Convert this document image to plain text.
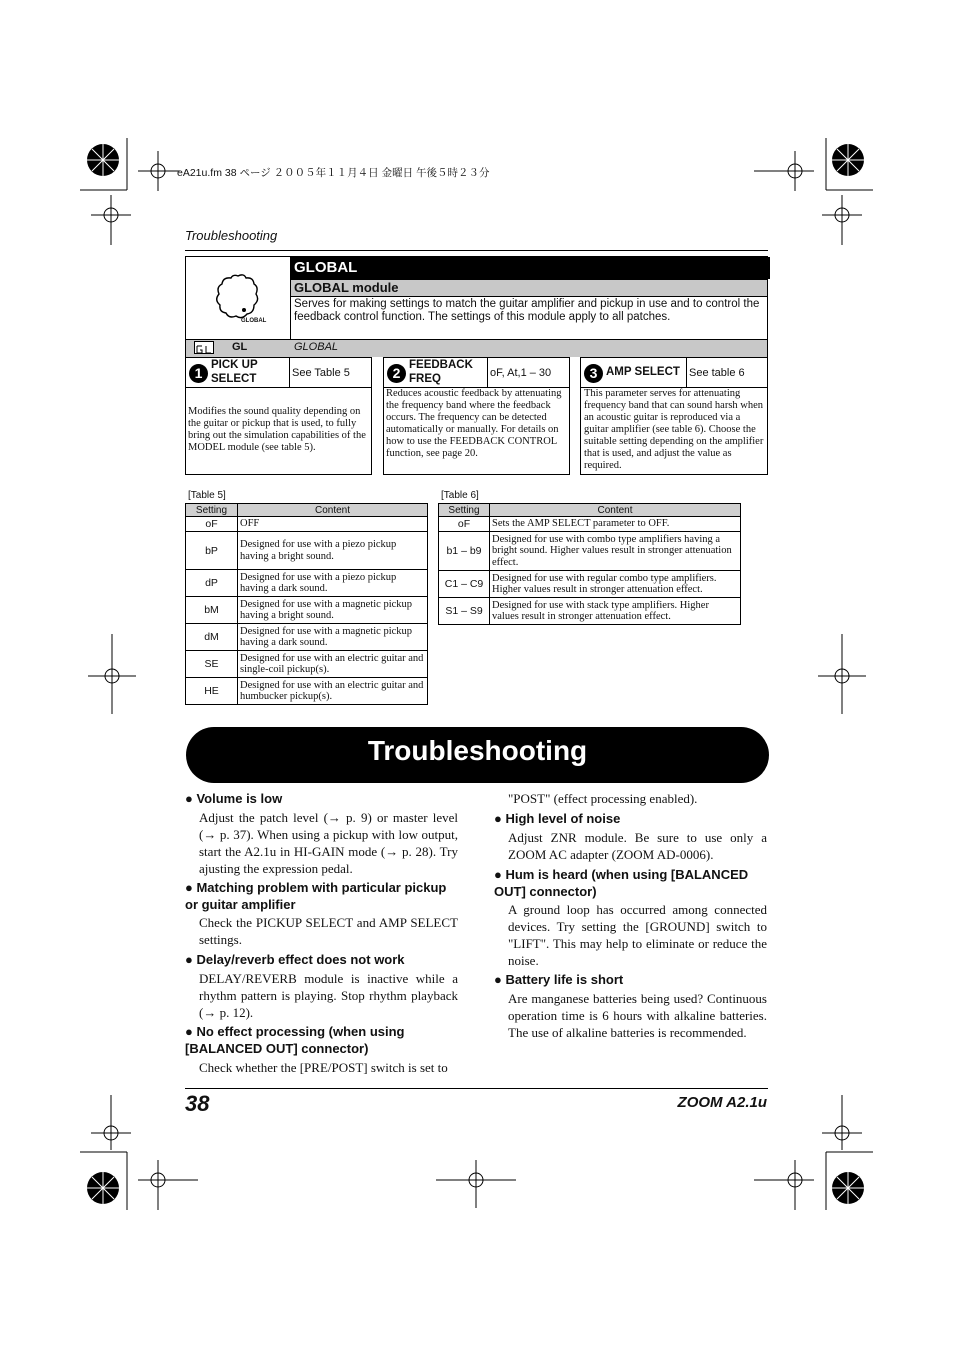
eA21u.fm 38 ページ ２００５年１１月４日 金曜日 午後５時２３分
Troubleshooting
GLOBAL
GLOBAL
GLOBAL module
Serves for making settings to match the guitar amplifier and pickup in use and to control the feedback control function. The settings of this module apply to all patches.
GL	GLOBAL
1 PICK UP SELECT	See Table 5
Modifies the sound quality depending on the guitar or pickup that is used, to fully bring out the simulation capabilities of the MODEL module (see table 5).
2 FEEDBACK FREQ	oF, At,1 – 30
Reduces acoustic feedback by attenuating the frequency band where the feedback occurs. The frequency can be detected automatically or manually. For details on how to use the FEEDBACK CONTROL function, see page 20.
3 AMP SELECT See table 6
This parameter serves for attenuating frequency band that can sound harsh when an acoustic guitar is reproduced via a guitar amplifier (see table 6). Choose the suitable setting depending on the amplifier that is used, and adjust the value as required.
[Table 5]
Setting	Content
oF	OFF
bP	Designed for use with a piezo pickup having a bright sound.
dP	Designed for use with a piezo pickup having a dark sound.
bM	Designed for use with a magnetic pickup having a bright sound.
dM	Designed for use with a magnetic pickup having a dark sound.
SE	Designed for use with an electric guitar and single-coil pickup(s).
HE	Designed for use with an electric guitar and humbucker pickup(s).
[Table 6]
Setting	Content
oF	Sets the AMP SELECT parameter to OFF.
b1 – b9	Designed for use with combo type amplifiers having a bright sound. Higher values result in stronger attenuation effect.
C1 – C9	Designed for use with regular combo type amplifiers. Higher values result in stronger attenuation effect.
S1 – S9	Designed for use with stack type amplifiers. Higher values result in stronger attenuation effect.
Troubleshooting
● Volume is low
Adjust the patch level (→ p. 9) or master level (→ p. 37). When using a pickup with low output, start the A2.1u in HI-GAIN mode (→ p. 28). Try ajusting the expression pedal.
● Matching problem with particular pickup or guitar amplifier
Check the PICKUP SELECT and AMP SELECT settings.
● Delay/reverb effect does not work
DELAY/REVERB module is inactive while a rhythm pattern is playing. Stop rhythm playback (→ p. 12).
● No effect processing (when using [BALANCED OUT] connector)
Check whether the [PRE/POST] switch is set to
"POST" (effect processing enabled).
● High level of noise
Adjust ZNR module. Be sure to use only a ZOOM AC adapter (ZOOM AD-0006).
● Hum is heard (when using [BALANCED OUT] connector)
A ground loop has occurred among connected devices. Try setting the [GROUND] switch to "LIFT". This may help to eliminate or reduce the noise.
● Battery life is short
Are manganese batteries being used? Continuous operation time is 6 hours with alkaline batteries. The use of alkaline batteries is recommended.
38	ZOOM A2.1u
